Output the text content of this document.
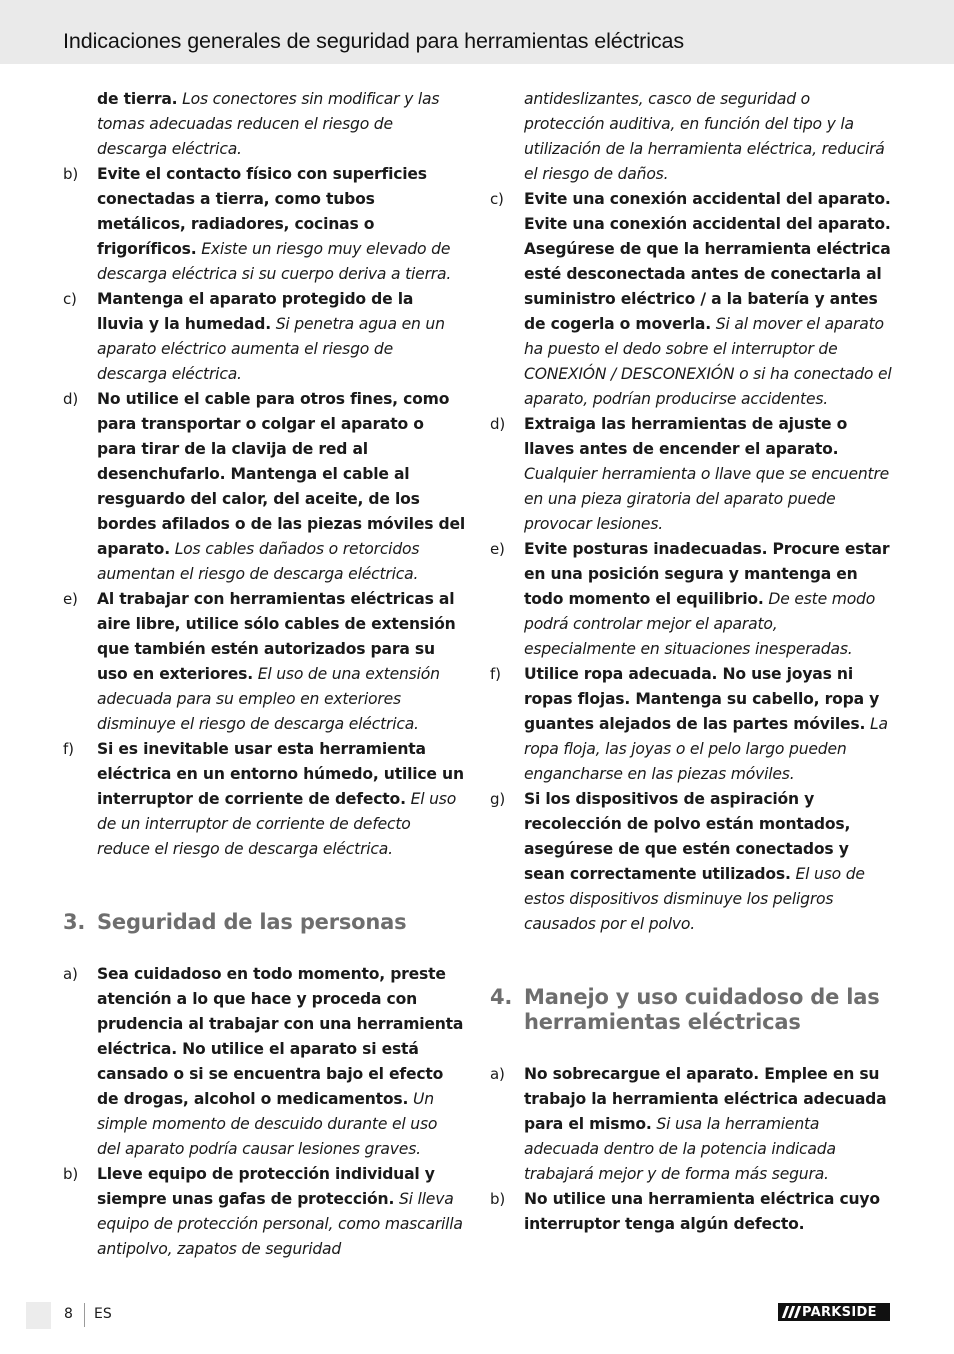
Indicaciones generales de seguridad para herramientas eléctricas
de tierra. Los conectores sin modificar y las tomas adecuadas reducen el riesgo de descarga eléctrica.
b) Evite el contacto físico con superficies conectadas a tierra, como tubos metálicos, radiadores, cocinas o frigoríficos. Existe un riesgo muy elevado de descarga eléctrica si su cuerpo deriva a tierra.
c) Mantenga el aparato protegido de la lluvia y la humedad. Si penetra agua en un aparato eléctrico aumenta el riesgo de descarga eléctrica.
d) No utilice el cable para otros fines, como para transportar o colgar el aparato o para tirar de la clavija de red al desenchufarlo. Mantenga el cable al resguardo del calor, del aceite, de los bordes afilados o de las piezas móviles del aparato. Los cables dañados o retorcidos aumentan el riesgo de descarga eléctrica.
e) Al trabajar con herramientas eléctricas al aire libre, utilice sólo cables de extensión que también estén autorizados para su uso en exteriores. El uso de una extensión adecuada para su empleo en exteriores disminuye el riesgo de descarga eléctrica.
f) Si es inevitable usar esta herramienta eléctrica en un entorno húmedo, utilice un interruptor de corriente de defecto. El uso de un interruptor de corriente de defecto reduce el riesgo de descarga eléctrica.
3. Seguridad de las personas
a) Sea cuidadoso en todo momento, preste atención a lo que hace y proceda con prudencia al trabajar con una herramienta eléctrica. No utilice el aparato si está cansado o si se encuentra bajo el efecto de drogas, alcohol o medicamentos. Un simple momento de descuido durante el uso del aparato podría causar lesiones graves.
b) Lleve equipo de protección individual y siempre unas gafas de protección. Si lleva equipo de protección personal, como mascarilla antipolvo, zapatos de seguridad
antideslizantes, casco de seguridad o protección auditiva, en función del tipo y la utilización de la herramienta eléctrica, reducirá el riesgo de daños.
c) Evite una conexión accidental del aparato. Evite una conexión accidental del aparato. Asegúrese de que la herramienta eléctrica esté desconectada antes de conectarla al suministro eléctrico / a la batería y antes de cogerla o moverla. Si al mover el aparato ha puesto el dedo sobre el interruptor de CONEXIÓN / DESCONEXIÓN o si ha conectado el aparato, podrían producirse accidentes.
d) Extraiga las herramientas de ajuste o llaves antes de encender el aparato. Cualquier herramienta o llave que se encuentre en una pieza giratoria del aparato puede provocar lesiones.
e) Evite posturas inadecuadas. Procure estar en una posición segura y mantenga en todo momento el equilibrio. De este modo podrá controlar mejor el aparato, especialmente en situaciones inesperadas.
f) Utilice ropa adecuada. No use joyas ni ropas flojas. Mantenga su cabello, ropa y guantes alejados de las partes móviles. La ropa floja, las joyas o el pelo largo pueden engancharse en las piezas móviles.
g) Si los dispositivos de aspiración y recolección de polvo están montados, asegúrese de que estén conectados y sean correctamente utilizados. El uso de estos dispositivos disminuye los peligros causados por el polvo.
4. Manejo y uso cuidadoso de las herramientas eléctricas
a) No sobrecargue el aparato. Emplee en su trabajo la herramienta eléctrica adecuada para el mismo. Si usa la herramienta adecuada dentro de la potencia indicada trabajará mejor y de forma más segura.
b) No utilice una herramienta eléctrica cuyo interruptor tenga algún defecto.
8 ES	PARKSIDE
